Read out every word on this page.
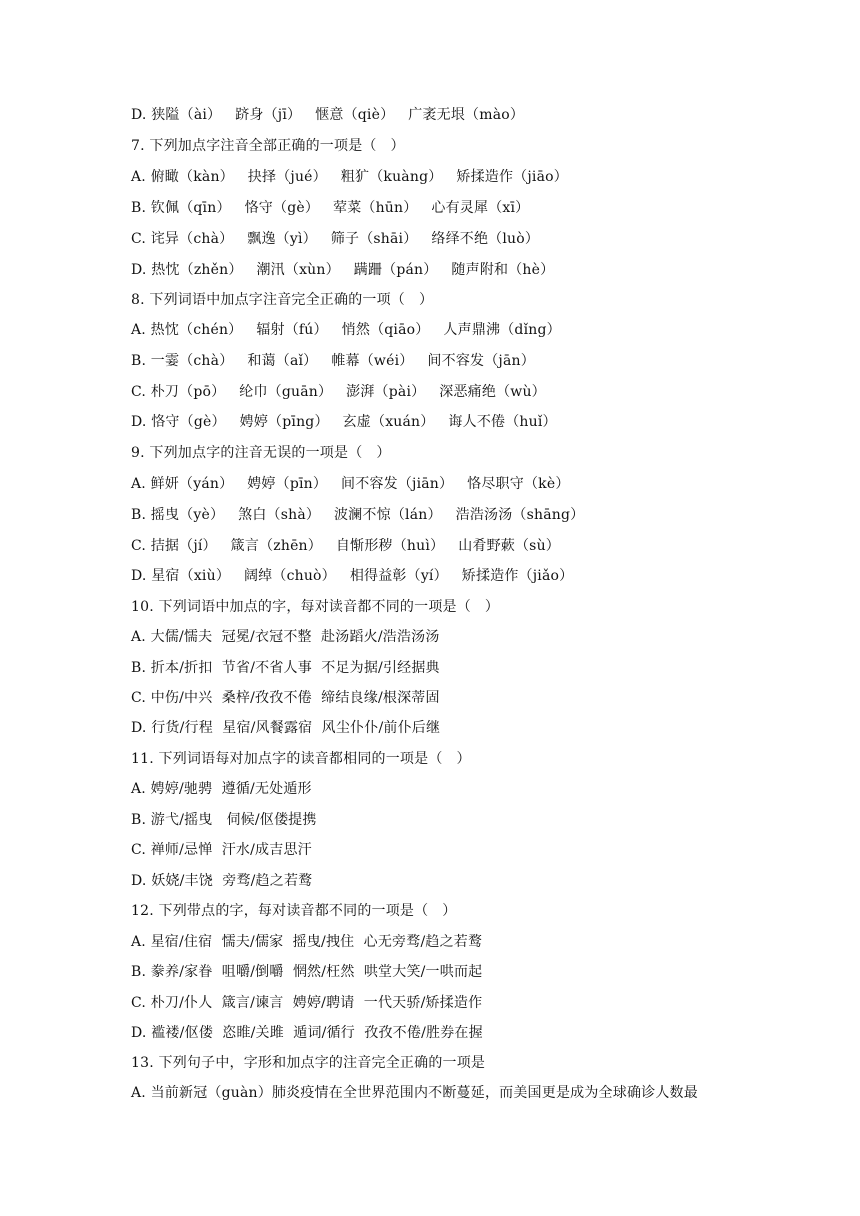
D. 狭隘（ài）   跻身（jī）   惬意（qiè）   广袤无垠（mào）
7. 下列加点字注音全部正确的一项是（   ）
A. 俯瞰（kàn）   抉择（jué）   粗犷（kuàng）   矫揉造作（jiāo）
B. 钦佩（qīn）   恪守（gè）   荤菜（hūn）   心有灵犀（xī）
C. 诧异（chà）   飘逸（yì）   筛子（shāi）   络绎不绝（luò）
D. 热忱（zhěn）   潮汛（xùn）   蹒跚（pán）   随声附和（hè）
8. 下列词语中加点字注音完全正确的一项（   ）
A. 热忱（chén）   辐射（fú）   悄然（qiāo）   人声鼎沸（dǐng）
B. 一霎（chà）   和蔼（aǐ）   帷幕（wéi）   间不容发（jān）
C. 朴刀（pō）   纶巾（guān）   澎湃（pài）   深恶痛绝（wù）
D. 恪守（gè）   娉婷（pīng）   玄虚（xuán）   诲人不倦（huǐ）
9. 下列加点字的注音无误的一项是（   ）
A. 鲜妍（yán）   娉婷（pīn）   间不容发（jiān）   恪尽职守（kè）
B. 摇曳（yè）   煞白（shà）   波澜不惊（lán）   浩浩汤汤（shāng）
C. 拮据（jí）   箴言（zhēn）   自惭形秽（huì）   山肴野蔌（sù）
D. 星宿（xiù）   阔绰（chuò）   相得益彰（yí）   矫揉造作（jiǎo）
10. 下列词语中加点的字，每对读音都不同的一项是（   ）
A. 大儒/懦夫  冠冕/衣冠不整  赴汤蹈火/浩浩汤汤
B. 折本/折扣  节省/不省人事  不足为据/引经据典
C. 中伤/中兴  桑梓/孜孜不倦  缔结良缘/根深蒂固
D. 行货/行程  星宿/风餐露宿  风尘仆仆/前仆后继
11. 下列词语每对加点字的读音都相同的一项是（   ）
A. 娉婷/驰骋  遵循/无处遁形
B. 游弋/摇曳   伺候/伛偻提携
C. 禅师/忌惮  汗水/成吉思汗
D. 妖娆/丰饶  旁骛/趋之若鹜
12. 下列带点的字，每对读音都不同的一项是（   ）
A. 星宿/住宿  懦夫/儒家  摇曳/拽住  心无旁骛/趋之若鹜
B. 豢养/家眷  咀嚼/倒嚼  惘然/枉然  哄堂大笑/一哄而起
C. 朴刀/仆人  箴言/谏言  娉婷/聘请  一代天骄/矫揉造作
D. 褴褛/伛偻  恣睢/关雎  遁词/循行  孜孜不倦/胜券在握
13. 下列句子中，字形和加点字的注音完全正确的一项是
A. 当前新冠（guàn）肺炎疫情在全世界范围内不断蔓延，而美国更是成为全球确诊人数最
